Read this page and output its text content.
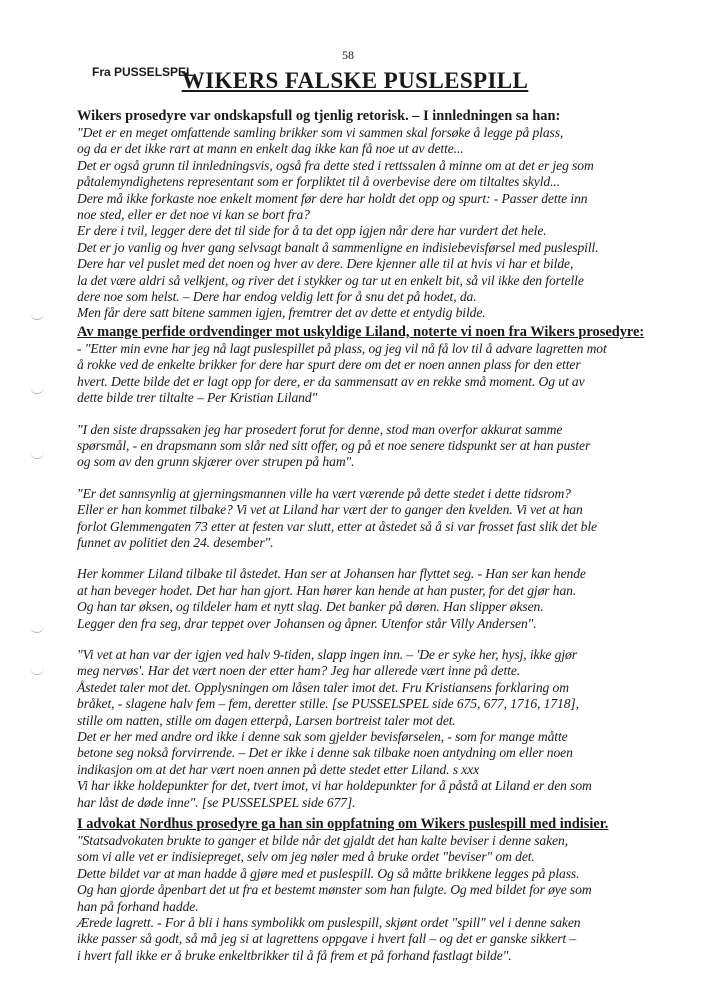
58
Fra PUSSELSPEL
WIKERS FALSKE PUSLESPILL
Wikers prosedyre var ondskapsfull og tjenlig retorisk. – I innledningen sa han:
"Det er en meget omfattende samling brikker som vi sammen skal forsøke å legge på plass,
og da er det ikke rart at mann en enkelt dag ikke kan få noe ut av dette...
Det er også grunn til innledningsvis, også fra dette sted i rettssalen å minne om at det er jeg som
påtalemyndighetens representant som er forpliktet til å overbevise dere om tiltaltes skyld...
Dere må ikke forkaste noe enkelt moment før dere har holdt det opp og spurt: - Passer dette inn
noe sted, eller er det noe vi kan se bort fra?
Er dere i tvil, legger dere det til side for å ta det opp igjen når dere har vurdert det hele.
Det er jo vanlig og hver gang selvsagt banalt å sammenligne en indisiebevisførsel med puslespill.
Dere har vel puslet med det noen og hver av dere. Dere kjenner alle til at hvis vi har et bilde,
la det være aldri så velkjent, og river det i stykker og tar ut en enkelt bit, så vil ikke den fortelle
dere noe som helst. – Dere har endog veldig lett for å snu det på hodet, da.
Men får dere satt bitene sammen igjen, fremtrer det av dette et entydig bilde.
Av mange perfide ordvendinger mot uskyldige Liland, noterte vi noen fra Wikers prosedyre:
- "Etter min evne har jeg nå lagt puslespillet på plass, og jeg vil nå få lov til å advare lagretten mot
å rokke ved de enkelte brikker for dere har spurt dere om det er noen annen plass for den etter
hvert. Dette bilde det er lagt opp for dere, er da sammensatt av en rekke små moment. Og ut av
dette bilde trer tiltalte – Per Kristian Liland"
"I den siste drapssaken jeg har prosedert forut for denne, stod man overfor akkurat samme
spørsmål, - en drapsmann som slår ned sitt offer, og på et noe senere tidspunkt ser at han puster
og som av den grunn skjærer over strupen på ham".
"Er det sannsynlig at gjerningsmannen ville ha vært værende på dette stedet i dette tidsrom?
Eller er han kommet tilbake? Vi vet at Liland har vært der to ganger den kvelden. Vi vet at han
forlot Glemmengaten 73 etter at festen var slutt, etter at åstedet så å si var frosset fast slik det ble
funnet av politiet den 24. desember".
Her kommer Liland tilbake til åstedet. Han ser at Johansen har flyttet seg. - Han ser kan hende
at han beveger hodet. Det har han gjort. Han hører kan hende at han puster, for det gjør han.
Og han tar øksen, og tildeler ham et nytt slag. Det banker på døren. Han slipper øksen.
Legger den fra seg, drar teppet over Johansen og åpner. Utenfor står Villy Andersen".
"Vi vet at han var der igjen ved halv 9-tiden, slapp ingen inn. – 'De er syke her, hysj, ikke gjør
meg nervøs'. Har det vært noen der etter ham? Jeg har allerede vært inne på dette.
Åstedet taler mot det. Opplysningen om låsen taler imot det. Fru Kristiansens forklaring om
bråket, - slagene halv fem – fem, deretter stille. [se PUSSELSPEL side 675, 677, 1716, 1718],
stille om natten, stille om dagen etterpå, Larsen bortreist taler mot det.
Det er her med andre ord ikke i denne sak som gjelder bevisførselen, - som for mange måtte
betone seg nokså forvirrende. – Det er ikke i denne sak tilbake noen antydning om eller noen
indikasjon om at det har vært noen annen på dette stedet etter Liland. s xxx
Vi har ikke holdepunkter for det, tvert imot, vi har holdepunkter for å påstå at Liland er den som
har låst de døde inne". [se PUSSELSPEL side 677].
I advokat Nordhus prosedyre ga han sin oppfatning om Wikers puslespill med indisier.
"Statsadvokaten brukte to ganger et bilde når det gjaldt det han kalte beviser i denne saken,
som vi alle vet er indisiepreget, selv om jeg nøler med å bruke ordet "beviser" om det.
Dette bildet var at man hadde å gjøre med et puslespill. Og så måtte brikkene legges på plass.
Og han gjorde åpenbart det ut fra et bestemt mønster som han fulgte. Og med bildet for øye som
han på forhand hadde.
Ærede lagrett. - For å bli i hans symbolikk om puslespill, skjønt ordet "spill" vel i denne saken
ikke passer så godt, så må jeg si at lagrettens oppgave i hvert fall – og det er ganske sikkert –
i hvert fall ikke er å bruke enkeltbrikker til å få frem et på forhand fastlagt bilde".
